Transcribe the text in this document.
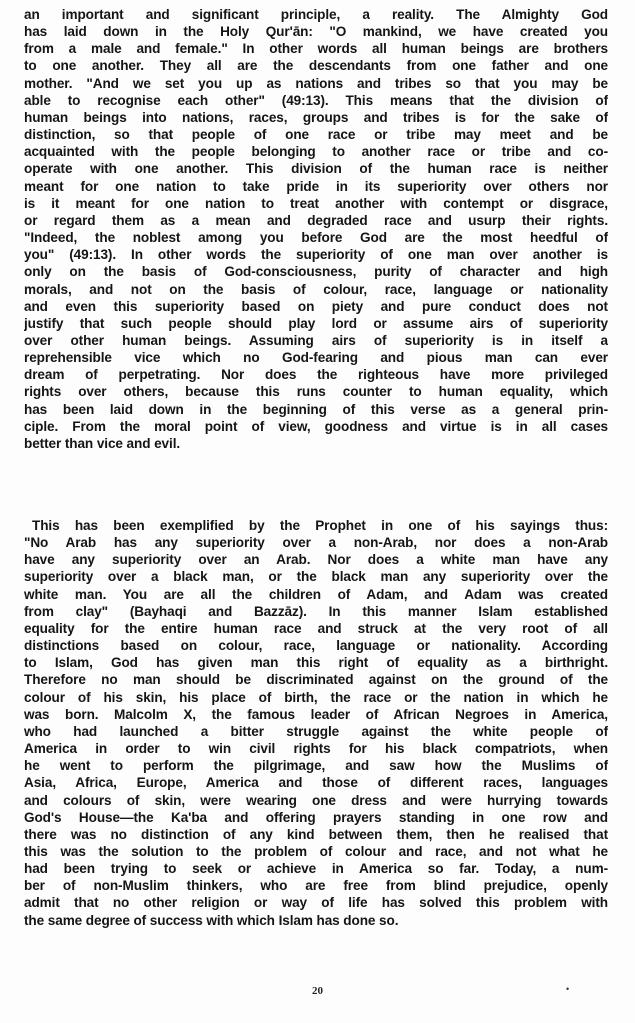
an important and significant principle, a reality. The Almighty God
has laid down in the Holy Qur'ān: "O mankind, we have created you
from a male and female." In other words all human beings are brothers
to one another. They all are the descendants from one father and one
mother. "And we set you up as nations and tribes so that you may be
able to recognise each other" (49:13). This means that the division of
human beings into nations, races, groups and tribes is for the sake of
distinction, so that people of one race or tribe may meet and be
acquainted with the people belonging to another race or tribe and co-
operate with one another. This division of the human race is neither
meant for one nation to take pride in its superiority over others nor
is it meant for one nation to treat another with contempt or disgrace,
or regard them as a mean and degraded race and usurp their rights.
"Indeed, the noblest among you before God are the most heedful of
you" (49:13). In other words the superiority of one man over another is
only on the basis of God-consciousness, purity of character and high
morals, and not on the basis of colour, race, language or nationality
and even this superiority based on piety and pure conduct does not
justify that such people should play lord or assume airs of superiority
over other human beings. Assuming airs of superiority is in itself a
reprehensible vice which no God-fearing and pious man can ever
dream of perpetrating. Nor does the righteous have more privileged
rights over others, because this runs counter to human equality, which
has been laid down in the beginning of this verse as a general prin-
ciple. From the moral point of view, goodness and virtue is in all cases
better than vice and evil.
This has been exemplified by the Prophet in one of his sayings thus:
"No Arab has any superiority over a non-Arab, nor does a non-Arab
have any superiority over an Arab. Nor does a white man have any
superiority over a black man, or the black man any superiority over the
white man. You are all the children of Adam, and Adam was created
from clay" (Bayhaqi and Bazzāz). In this manner Islam established
equality for the entire human race and struck at the very root of all
distinctions based on colour, race, language or nationality. According
to Islam, God has given man this right of equality as a birthright.
Therefore no man should be discriminated against on the ground of the
colour of his skin, his place of birth, the race or the nation in which he
was born. Malcolm X, the famous leader of African Negroes in America,
who had launched a bitter struggle against the white people of
America in order to win civil rights for his black compatriots, when
he went to perform the pilgrimage, and saw how the Muslims of
Asia, Africa, Europe, America and those of different races, languages
and colours of skin, were wearing one dress and were hurrying towards
God's House—the Ka'ba and offering prayers standing in one row and
there was no distinction of any kind between them, then he realised that
this was the solution to the problem of colour and race, and not what he
had been trying to seek or achieve in America so far. Today, a num-
ber of non-Muslim thinkers, who are free from blind prejudice, openly
admit that no other religion or way of life has solved this problem with
the same degree of success with which Islam has done so.
20	•
